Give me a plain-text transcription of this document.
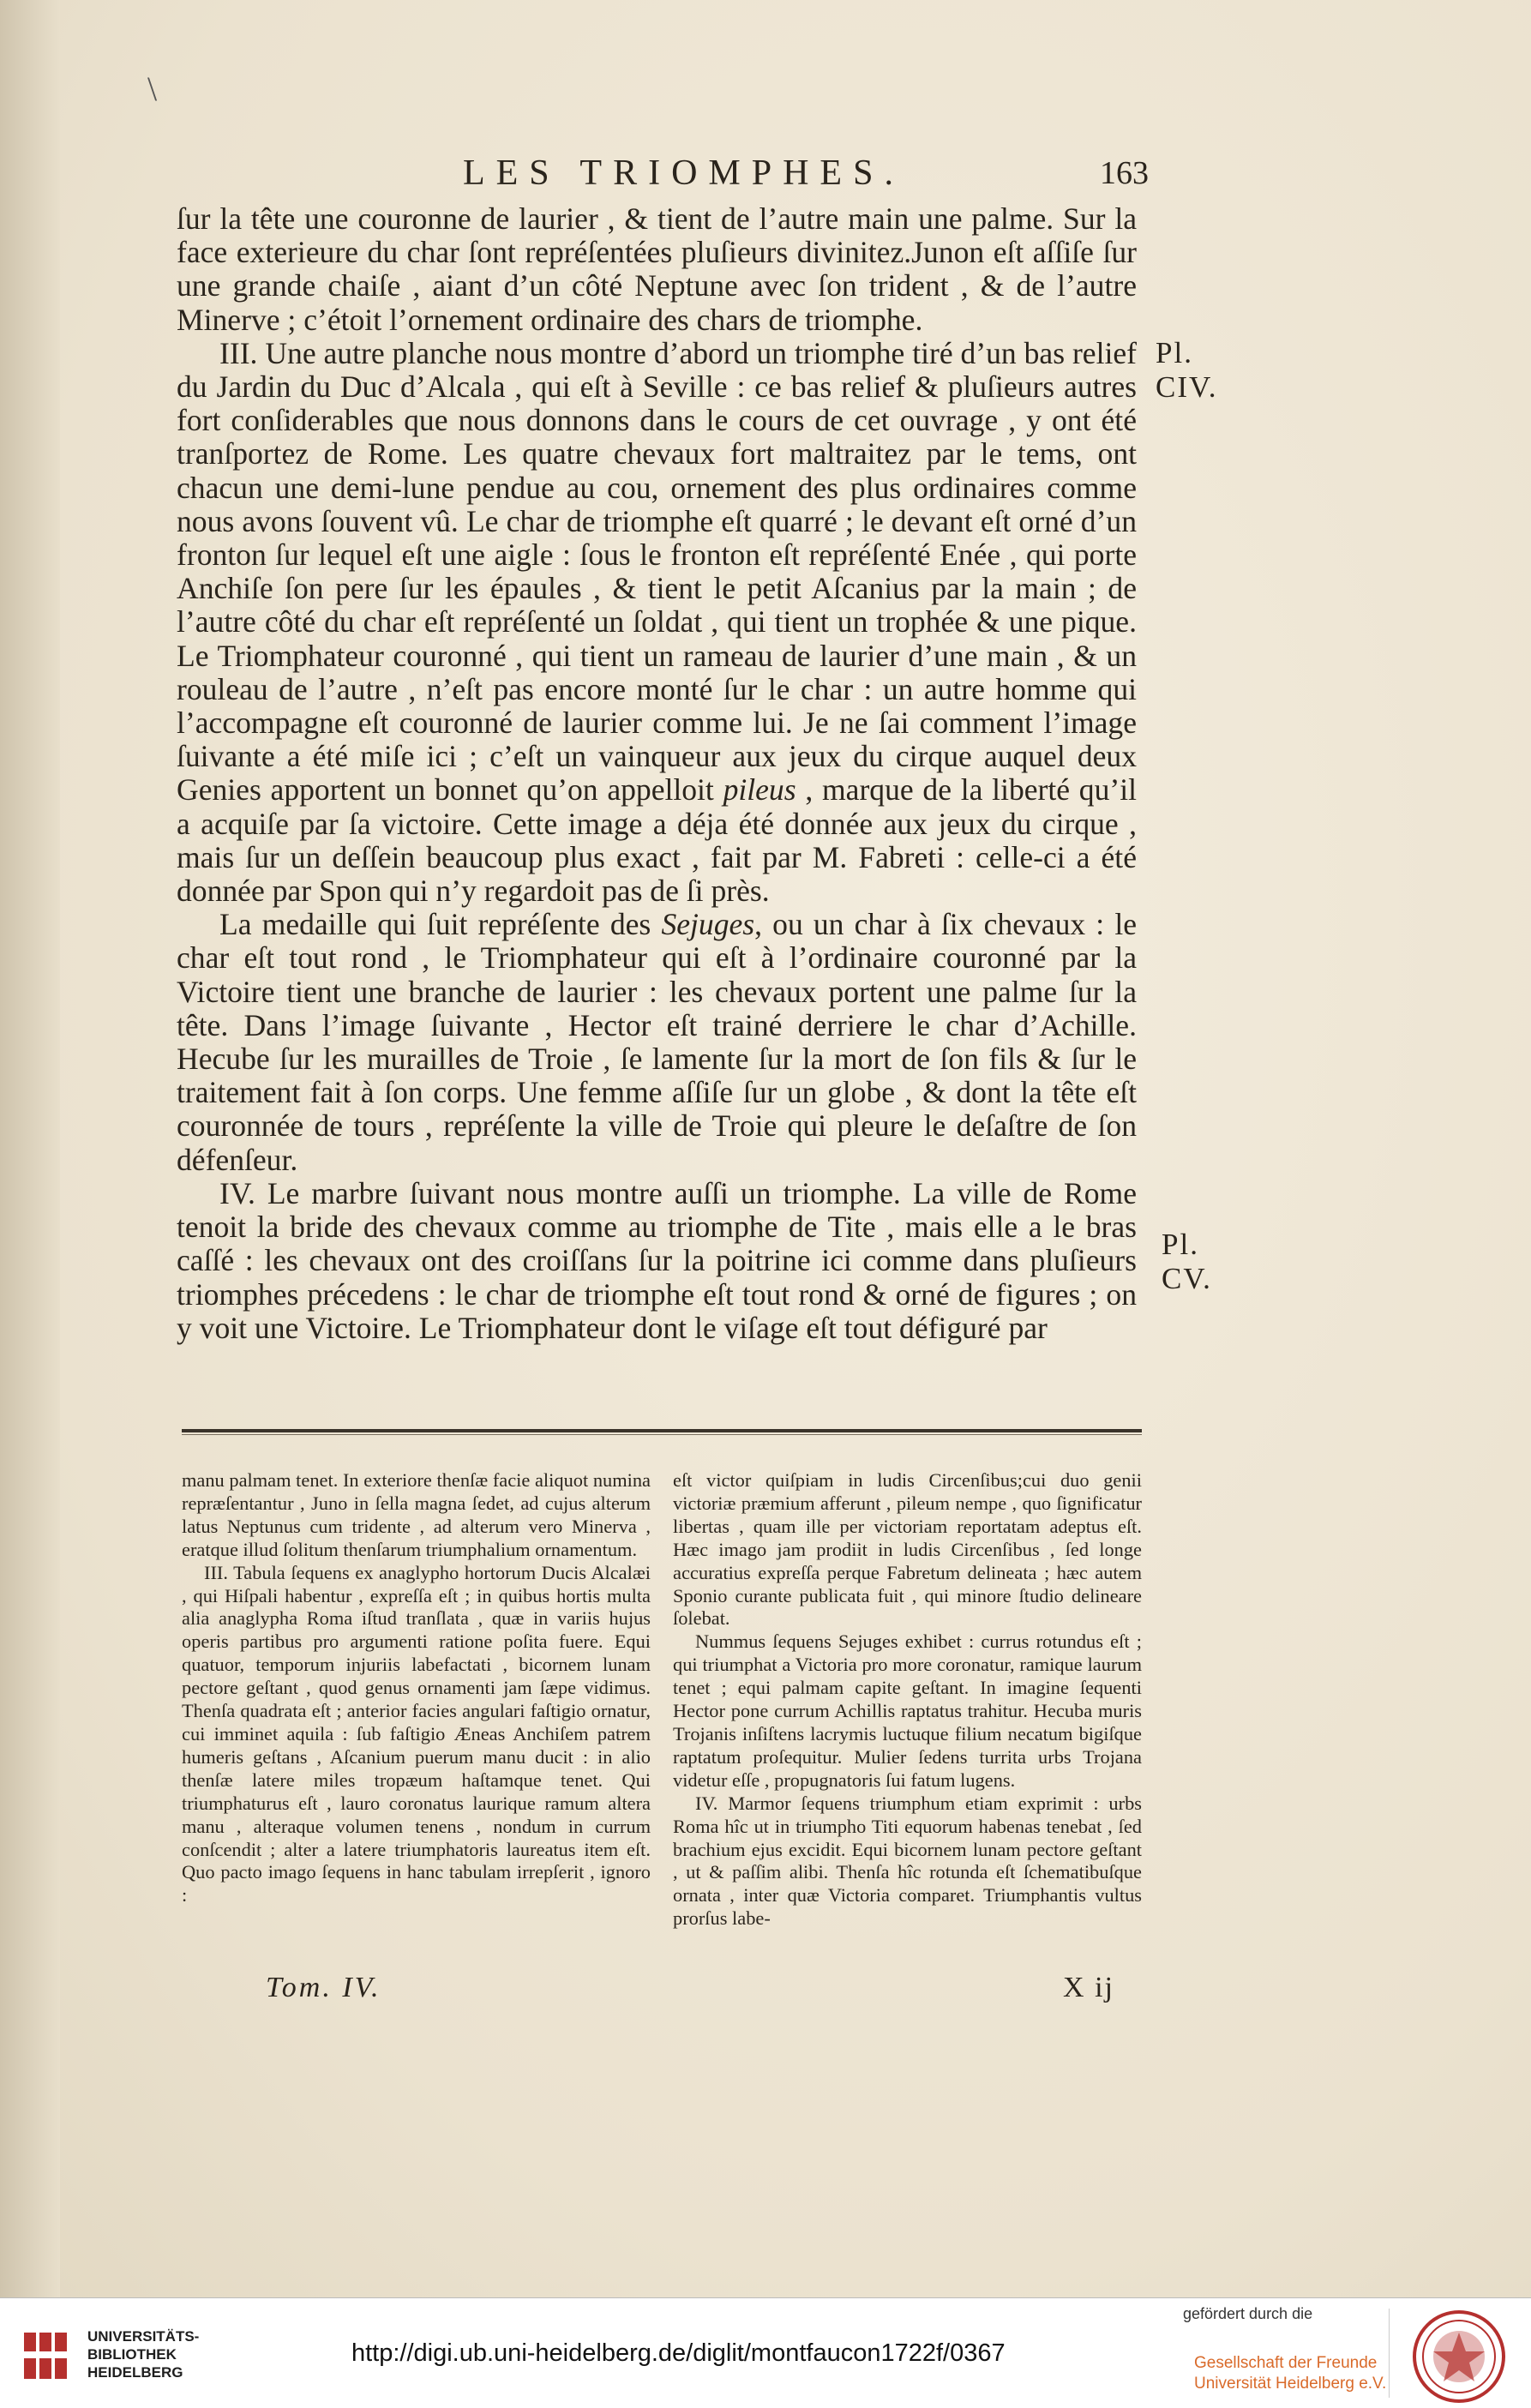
\
LES TRIOMPHES.	163

ſur la tête une couronne de laurier , & tient de l’autre main une palme. Sur la face exterieure du char ſont repréſentées pluſieurs divinitez.Junon eſt aſſiſe ſur une grande chaiſe , aiant d’un côté Neptune avec ſon trident , & de l’autre Minerve ; c’étoit l’ornement ordinaire des chars de triomphe.

III. Une autre planche nous montre d’abord un triomphe tiré d’un bas relief du Jardin du Duc d’Alcala , qui eſt à Seville : ce bas relief & pluſieurs autres fort conſiderables que nous donnons dans le cours de cet ouvrage , y ont été tranſportez de Rome. Les quatre chevaux fort maltraitez par le tems, ont chacun une demi-lune pendue au cou, ornement des plus ordinaires comme nous avons ſouvent vû. Le char de triomphe eſt quarré ; le devant eſt orné d’un fronton ſur lequel eſt une aigle : ſous le fronton eſt repréſenté Enée , qui porte Anchiſe ſon pere ſur les épaules , & tient le petit Aſcanius par la main ; de l’autre côté du char eſt repréſenté un ſoldat , qui tient un trophée & une pique. Le Triomphateur couronné , qui tient un rameau de laurier d’une main , & un rouleau de l’autre , n’eſt pas encore monté ſur le char : un autre homme qui l’accompagne eſt couronné de laurier comme lui. Je ne ſai comment l’image ſuivante a été miſe ici ; c’eſt un vainqueur aux jeux du cirque auquel deux Genies apportent un bonnet qu’on appelloit pileus , marque de la liberté qu’il a acquiſe par ſa victoire. Cette image a déja été donnée aux jeux du cirque , mais ſur un deſſein beaucoup plus exact , fait par M. Fabreti : celle-ci a été donnée par Spon qui n’y regardoit pas de ſi près.

La medaille qui ſuit repréſente des Sejuges, ou un char à ſix chevaux : le char eſt tout rond , le Triomphateur qui eſt à l’ordinaire couronné par la Victoire tient une branche de laurier : les chevaux portent une palme ſur la tête. Dans l’image ſuivante , Hector eſt trainé derriere le char d’Achille. Hecube ſur les murailles de Troie , ſe lamente ſur la mort de ſon fils & ſur le traitement fait à ſon corps. Une femme aſſiſe ſur un globe , & dont la tête eſt couronnée de tours , repréſente la ville de Troie qui pleure le deſaſtre de ſon défenſeur.

IV. Le marbre ſuivant nous montre auſſi un triomphe. La ville de Rome tenoit la bride des chevaux comme au triomphe de Tite , mais elle a le bras caſſé : les chevaux ont des croiſſans ſur la poitrine ici comme dans pluſieurs triomphes précedens : le char de triomphe eſt tout rond & orné de figures ; on y voit une Victoire. Le Triomphateur dont le viſage eſt tout défiguré par

Pl.
CIV.
Pl.
CV.

manu palmam tenet. In exteriore thenſæ facie aliquot numina repræſentantur , Juno in ſella magna ſedet, ad cujus alterum latus Neptunus cum tridente , ad alterum vero Minerva , eratque illud ſolitum thenſarum triumphalium ornamentum.

III. Tabula ſequens ex anaglypho hortorum Ducis Alcalæi , qui Hiſpali habentur , expreſſa eſt ; in quibus hortis multa alia anaglypha Roma iſtud tranſlata , quæ in variis hujus operis partibus pro argumenti ratione poſita fuere. Equi quatuor, temporum injuriis labefactati , bicornem lunam pectore geſtant , quod genus ornamenti jam ſæpe vidimus. Thenſa quadrata eſt ; anterior facies angulari faſtigio ornatur, cui imminet aquila : ſub faſtigio Æneas Anchiſem patrem humeris geſtans , Aſcanium puerum manu ducit : in alio thenſæ latere miles tropæum haſtamque tenet. Qui triumphaturus eſt , lauro coronatus laurique ramum altera manu , alteraque volumen tenens , nondum in currum conſcendit ; alter a latere triumphatoris laureatus item eſt. Quo pacto imago ſequens in hanc tabulam irrepſerit , ignoro :

eſt victor quiſpiam in ludis Circenſibus;cui duo genii victoriæ præmium afferunt , pileum nempe , quo ſignificatur libertas , quam ille per victoriam reportatam adeptus eſt. Hæc imago jam prodiit in ludis Circenſibus , ſed longe accuratius expreſſa perque Fabretum delineata ; hæc autem Sponio curante publicata fuit , qui minore ſtudio delineare ſolebat.

Nummus ſequens Sejuges exhibet : currus rotundus eſt ; qui triumphat a Victoria pro more coronatur, ramique laurum tenet ; equi palmam capite geſtant. In imagine ſequenti Hector pone currum Achillis raptatus trahitur. Hecuba muris Trojanis inſiſtens lacrymis luctuque filium necatum bigiſque raptatum proſequitur. Mulier ſedens turrita urbs Trojana videtur eſſe , propugnatoris ſui fatum lugens.

IV. Marmor ſequens triumphum etiam exprimit : urbs Roma hîc ut in triumpho Titi equorum habenas tenebat , ſed brachium ejus excidit. Equi bicornem lunam pectore geſtant , ut & paſſim alibi. Thenſa hîc rotunda eſt ſchematibuſque ornata , inter quæ Victoria comparet. Triumphantis vultus prorſus labe-

Tom. IV.	X ij
UNIVERSITÄTS-
BIBLIOTHEK
HEIDELBERG
http://digi.ub.uni-heidelberg.de/diglit/montfaucon1722f/0367
gefördert durch die
Gesellschaft der Freunde
Universität Heidelberg e.V.
